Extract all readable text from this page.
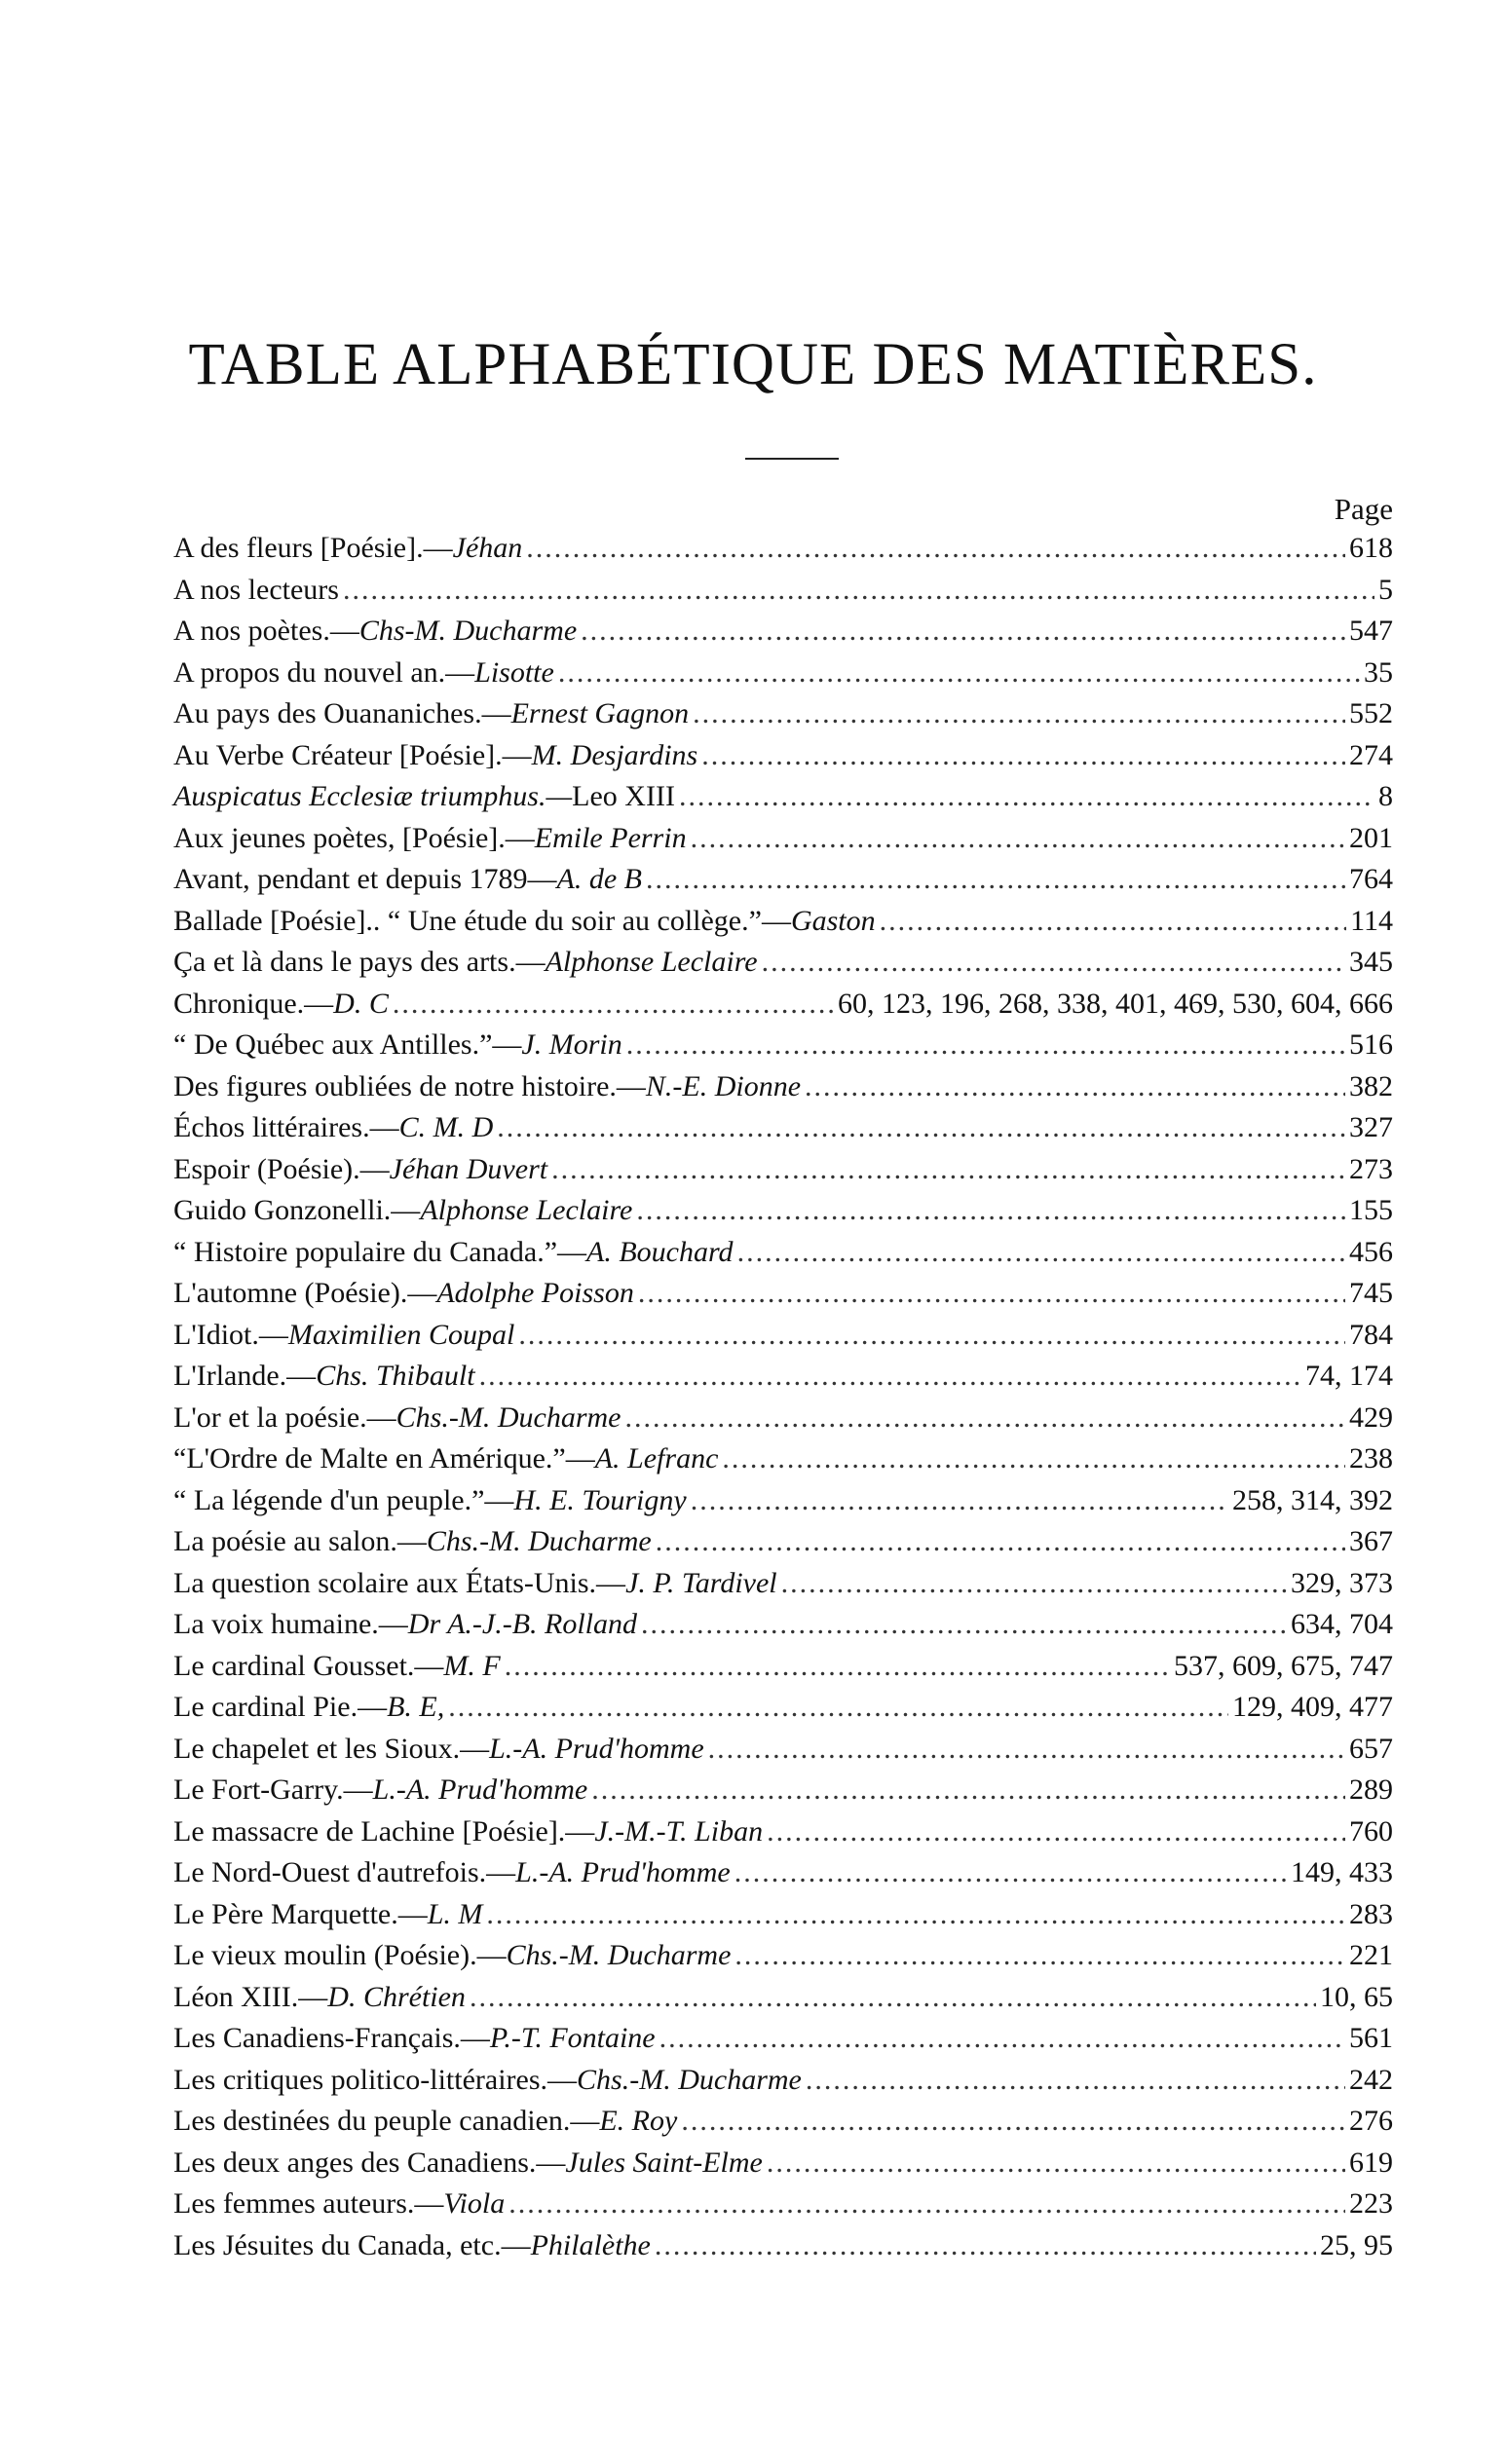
TABLE ALPHABÉTIQUE DES MATIÈRES.
Page
A des fleurs [Poésie].—Jéhan .....	618
A nos lecteurs .....	5
A nos poètes.—Chs-M. Ducharme .....	547
A propos du nouvel an.—Lisotte .....	35
Au pays des Ouananiches.—Ernest Gagnon .....	552
Au Verbe Créateur [Poésie].—M. Desjardins .....	274
Auspicatus Ecclesiæ triumphus.—Leo XIII .....	8
Aux jeunes poètes, [Poésie].—Emile Perrin .....	201
Avant, pendant et depuis 1789—A. de B .....	764
Ballade [Poésie].. “ Une étude du soir au collège.”—Gaston .....	114
Ça et là dans le pays des arts.—Alphonse Leclaire .....	345
Chronique.—D. C .....	60, 123, 196, 268, 338, 401, 469, 530, 604, 666
“ De Québec aux Antilles.”—J. Morin .....	516
Des figures oubliées de notre histoire.—N.-E. Dionne .....	382
Échos littéraires.—C. M. D .....	327
Espoir (Poésie).—Jéhan Duvert .....	273
Guido Gonzonelli.—Alphonse Leclaire .....	155
“ Histoire populaire du Canada.”—A. Bouchard .....	456
L'automne (Poésie).—Adolphe Poisson .....	745
L'Idiot.—Maximilien Coupal .....	784
L'Irlande.—Chs. Thibault .....	74, 174
L'or et la poésie.—Chs.-M. Ducharme .....	429
“L'Ordre de Malte en Amérique.”—A. Lefranc .....	238
“ La légende d'un peuple.”—H. E. Tourigny .....	258, 314, 392
La poésie au salon.—Chs.-M. Ducharme .....	367
La question scolaire aux États-Unis.—J. P. Tardivel .....	329, 373
La voix humaine.—Dr A.-J.-B. Rolland .....	634, 704
Le cardinal Gousset.—M. F .....	537, 609, 675, 747
Le cardinal Pie.—B. E, .....	129, 409, 477
Le chapelet et les Sioux.—L.-A. Prud'homme .....	657
Le Fort-Garry.—L.-A. Prud'homme .....	289
Le massacre de Lachine [Poésie].—J.-M.-T. Liban .....	760
Le Nord-Ouest d'autrefois.—L.-A. Prud'homme .....	149, 433
Le Père Marquette.—L. M .....	283
Le vieux moulin (Poésie).—Chs.-M. Ducharme .....	221
Léon XIII.—D. Chrétien .....	10, 65
Les Canadiens-Français.—P.-T. Fontaine .....	561
Les critiques politico-littéraires.—Chs.-M. Ducharme .....	242
Les destinées du peuple canadien.—E. Roy .....	276
Les deux anges des Canadiens.—Jules Saint-Elme .....	619
Les femmes auteurs.—Viola .....	223
Les Jésuites du Canada, etc.—Philalèthe .....	25, 95
